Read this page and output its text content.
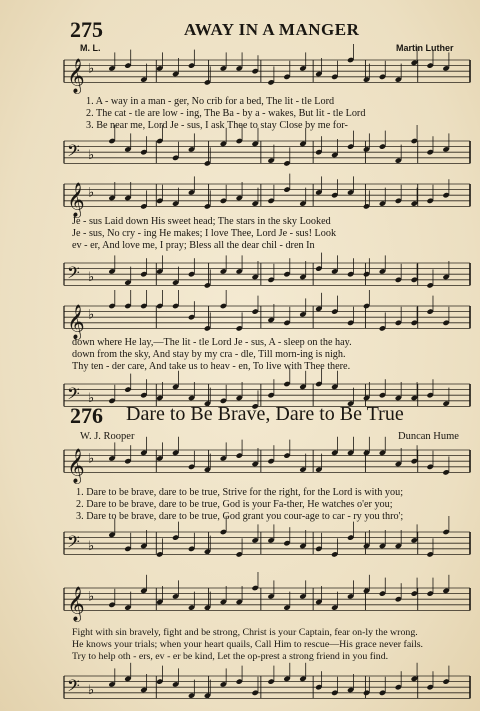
275	AWAY IN A MANGER
M. L.	Martin Luther
𝄞 ♭
1. A - way in a man - ger, No crib for a bed, The lit - tle Lord
2. The cat - tle are low - ing, The Ba - by a - wakes, But lit - tle Lord
3. Be near me, Lord Je - sus, I ask Thee to stay Close by me for-
𝄢 ♭
𝄞 ♭
Je - sus Laid down His sweet head; The stars in the sky Looked
Je - sus, No cry - ing He makes; I love Thee, Lord Je - sus! Look
ev - er, And love me, I pray; Bless all the dear chil - dren In
𝄢 ♭
𝄞 ♭
down where He lay,—The lit - tle Lord Je - sus, A - sleep on the hay.
down from the sky, And stay by my cra - dle, Till morn-ing is nigh.
Thy ten - der care, And take us to heav - en, To live with Thee there.
𝄢 ♭
276 Dare to Be Brave, Dare to Be True
W. J. Rooper	Duncan Hume
𝄞 ♭
1. Dare to be brave, dare to be true, Strive for the right, for the Lord is with you;
2. Dare to be brave, dare to be true, God is your Fa-ther, He watches o'er you;
3. Dare to be brave, dare to be true, God grant you cour-age to car - ry you thro';
𝄢 ♭
𝄞 ♭
Fight with sin bravely, fight and be strong, Christ is your Captain, fear on-ly the wrong.
He knows your trials; when your heart quails, Call Him to rescue—His grace never fails.
Try to help oth - ers, ev - er be kind, Let the op-prest a strong friend in you find.
𝄢 ♭
